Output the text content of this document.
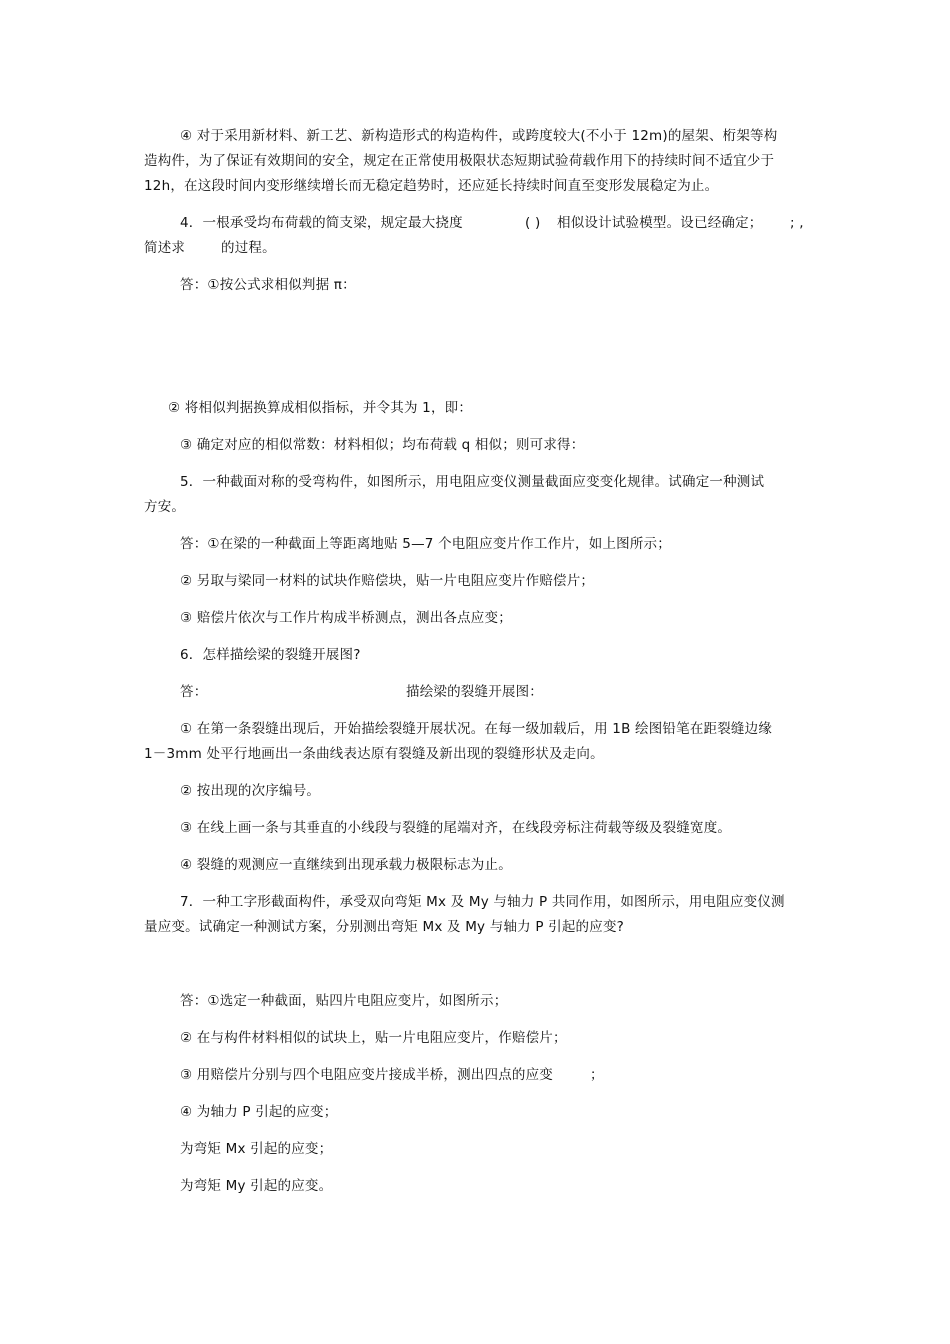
④ 对于采用新材料、新工艺、新构造形式的构造构件，或跨度较大(不小于 12m)的屋架、桁架等构
造构件，为了保证有效期间的安全，规定在正常使用极限状态短期试验荷载作用下的持续时间不适宜少于
12h，在这段时间内变形继续增长而无稳定趋势时，还应延长持续时间直至变形发展稳定为止。
4．一根承受均布荷载的简支梁，规定最大挠度	( ) 相似设计试验模型。设已经确定； ; ,
简述求	的过程。
答：①按公式求相似判据 π：
② 将相似判据换算成相似指标，并令其为 1，即：
③ 确定对应的相似常数：材料相似；均布荷载 q 相似；则可求得：
5．一种截面对称的受弯构件，如图所示，用电阻应变仪测量截面应变变化规律。试确定一种测试
方安。
答：①在梁的一种截面上等距离地贴 5—7 个电阻应变片作工作片，如上图所示；
② 另取与梁同一材料的试块作赔偿块，贴一片电阻应变片作赔偿片；
③ 赔偿片依次与工作片构成半桥测点，测出各点应变；
6．怎样描绘梁的裂缝开展图?
答：	描绘梁的裂缝开展图：
① 在第一条裂缝出现后，开始描绘裂缝开展状况。在每一级加载后，用 1B 绘图铅笔在距裂缝边缘
1－3mm 处平行地画出一条曲线表达原有裂缝及新出现的裂缝形状及走向。
② 按出现的次序编号。
③ 在线上画一条与其垂直的小线段与裂缝的尾端对齐，在线段旁标注荷载等级及裂缝宽度。
④ 裂缝的观测应一直继续到出现承载力极限标志为止。
7．一种工字形截面构件，承受双向弯矩 Mx 及 My 与轴力 P 共同作用，如图所示，用电阻应变仪测
量应变。试确定一种测试方案，分别测出弯矩 Mx 及 My 与轴力 P 引起的应变?
答：①选定一种截面，贴四片电阻应变片，如图所示；
② 在与构件材料相似的试块上，贴一片电阻应变片，作赔偿片；
③ 用赔偿片分别与四个电阻应变片接成半桥，测出四点的应变	；
④ 为轴力 P 引起的应变；
为弯矩 Mx 引起的应变；
为弯矩 My 引起的应变。
